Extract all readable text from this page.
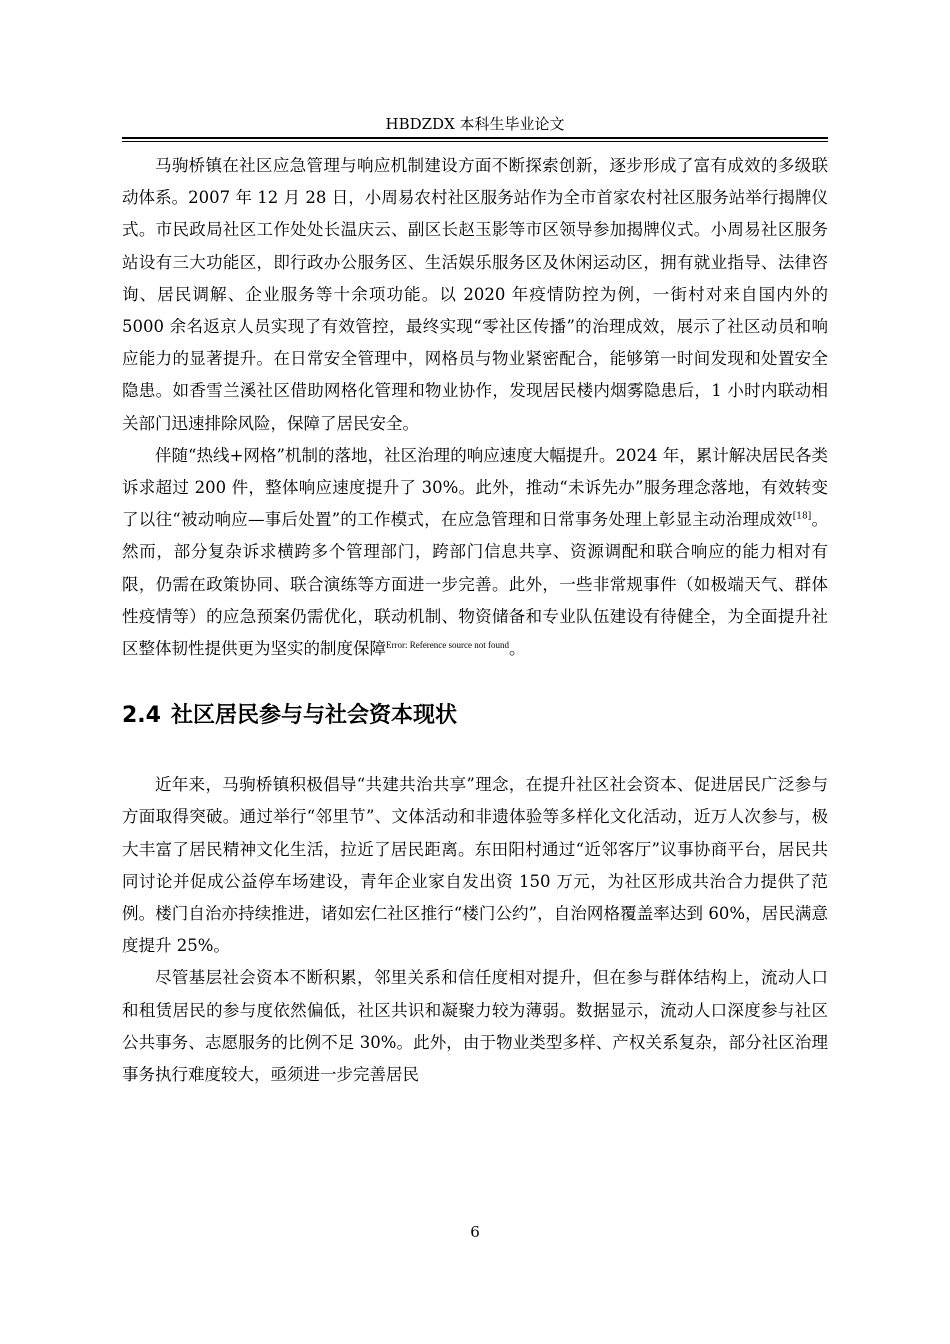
HBDZDX 本科生毕业论文

马驹桥镇在社区应急管理与响应机制建设方面不断探索创新，逐步形成了富有成效的多级联动体系。2007 年 12 月 28 日，小周易农村社区服务站作为全市首家农村社区服务站举行揭牌仪式。市民政局社区工作处处长温庆云、副区长赵玉影等市区领导参加揭牌仪式。小周易社区服务站设有三大功能区，即行政办公服务区、生活娱乐服务区及休闲运动区，拥有就业指导、法律咨询、居民调解、企业服务等十余项功能。以 2020 年疫情防控为例，一街村对来自国内外的 5000 余名返京人员实现了有效管控，最终实现“零社区传播”的治理成效，展示了社区动员和响应能力的显著提升。在日常安全管理中，网格员与物业紧密配合，能够第一时间发现和处置安全隐患。如香雪兰溪社区借助网格化管理和物业协作，发现居民楼内烟雾隐患后，1 小时内联动相关部门迅速排除风险，保障了居民安全。

伴随“热线+网格”机制的落地，社区治理的响应速度大幅提升。2024 年，累计解决居民各类诉求超过 200 件，整体响应速度提升了 30%。此外，推动“未诉先办”服务理念落地，有效转变了以往“被动响应—事后处置”的工作模式，在应急管理和日常事务处理上彰显主动治理成效[18]。然而，部分复杂诉求横跨多个管理部门，跨部门信息共享、资源调配和联合响应的能力相对有限，仍需在政策协同、联合演练等方面进一步完善。此外，一些非常规事件（如极端天气、群体性疫情等）的应急预案仍需优化，联动机制、物资储备和专业队伍建设有待健全，为全面提升社区整体韧性提供更为坚实的制度保障$^{Error: Reference source not found}$。

2.4 社区居民参与与社会资本现状

近年来，马驹桥镇积极倡导“共建共治共享”理念，在提升社区社会资本、促进居民广泛参与方面取得突破。通过举行“邻里节”、文体活动和非遗体验等多样化文化活动，近万人次参与，极大丰富了居民精神文化生活，拉近了居民距离。东田阳村通过“近邻客厅”议事协商平台，居民共同讨论并促成公益停车场建设，青年企业家自发出资 150 万元，为社区形成共治合力提供了范例。楼门自治亦持续推进，诸如宏仁社区推行“楼门公约”，自治网格覆盖率达到 60%，居民满意度提升 25%。

尽管基层社会资本不断积累，邻里关系和信任度相对提升，但在参与群体结构上，流动人口和租赁居民的参与度依然偏低，社区共识和凝聚力较为薄弱。数据显示，流动人口深度参与社区公共事务、志愿服务的比例不足 30%。此外，由于物业类型多样、产权关系复杂，部分社区治理事务执行难度较大，亟须进一步完善居民

6
